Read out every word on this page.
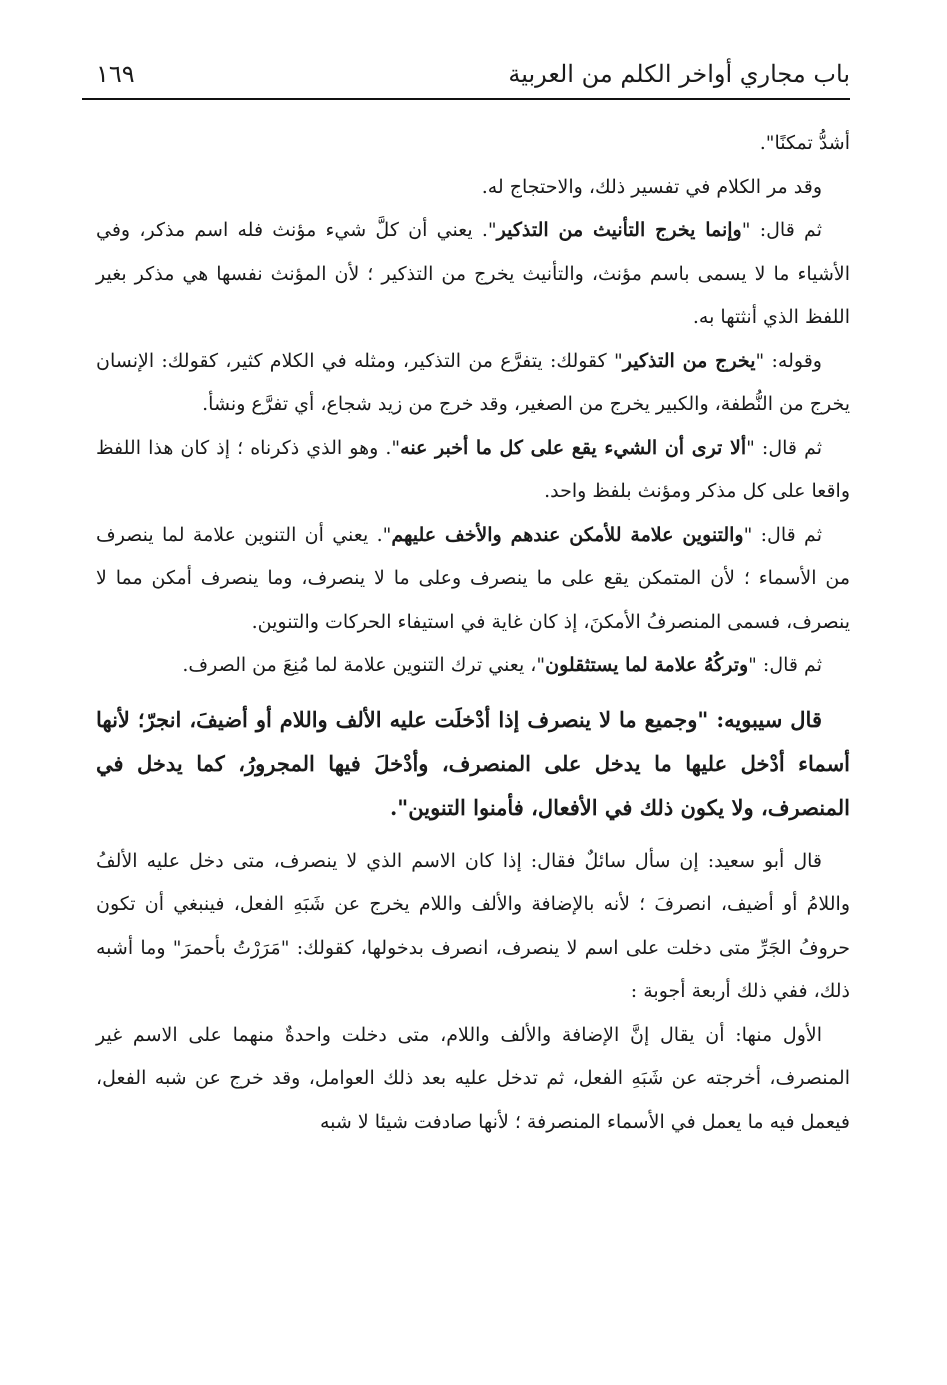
١٦٩	باب مجاري أواخر الكلم من العربية

أشدُّ تمكنًا".

وقد مر الكلام في تفسير ذلك، والاحتجاج له.

ثم قال: "وإنما يخرج التأنيث من التذكير". يعني أن كلَّ شيء مؤنث فله اسم مذكر، وفي الأشياء ما لا يسمى باسم مؤنث، والتأنيث يخرج من التذكير ؛ لأن المؤنث نفسها هي مذكر بغير اللفظ الذي أنثتها به.

وقوله: "يخرج من التذكير" كقولك: يتفرَّع من التذكير، ومثله في الكلام كثير، كقولك: الإنسان يخرج من النُّطفة، والكبير يخرج من الصغير، وقد خرج من زيد شجاع، أي تفرَّع ونشأ.

ثم قال: "ألا ترى أن الشيء يقع على كل ما أخبر عنه". وهو الذي ذكرناه ؛ إذ كان هذا اللفظ واقعا على كل مذكر ومؤنث بلفظ واحد.

ثم قال: "والتنوين علامة للأمكن عندهم والأخف عليهم". يعني أن التنوين علامة لما ينصرف من الأسماء ؛ لأن المتمكن يقع على ما ينصرف وعلى ما لا ينصرف، وما ينصرف أمكن مما لا ينصرف، فسمى المنصرفُ الأمكنَ، إذ كان غاية في استيفاء الحركات والتنوين.

ثم قال: "وتركُهُ علامة لما يستثقلون"، يعني ترك التنوين علامة لما مُنِعَ من الصرف.

قال سيبويه: "وجميع ما لا ينصرف إذا أدْخلَت عليه الألف واللام أو أضيفَ، انجرّ؛ لأنها أسماء أدْخل عليها ما يدخل على المنصرف، وأدْخلَ فيها المجرورُ، كما يدخل في المنصرف، ولا يكون ذلك في الأفعال، فأمنوا التنوين".

قال أبو سعيد: إن سأل سائلٌ فقال: إذا كان الاسم الذي لا ينصرف، متى دخل عليه الألفُ واللامُ أو أضيف، انصرفَ ؛ لأنه بالإضافة والألف واللام يخرج عن شَبَهِ الفعل، فينبغي أن تكون حروفُ الجَرِّ متى دخلت على اسم لا ينصرف، انصرف بدخولها، كقولك: "مَرَرْتُ بأحمرَ" وما أشبه ذلك، ففي ذلك أربعة أجوبة :

الأول منها: أن يقال إنَّ الإضافة والألف واللام، متى دخلت واحدةٌ منهما على الاسم غير المنصرف، أخرجته عن شَبَهِ الفعل، ثم تدخل عليه بعد ذلك العوامل، وقد خرج عن شبه الفعل، فيعمل فيه ما يعمل في الأسماء المنصرفة ؛ لأنها صادفت شيئا لا شبه
